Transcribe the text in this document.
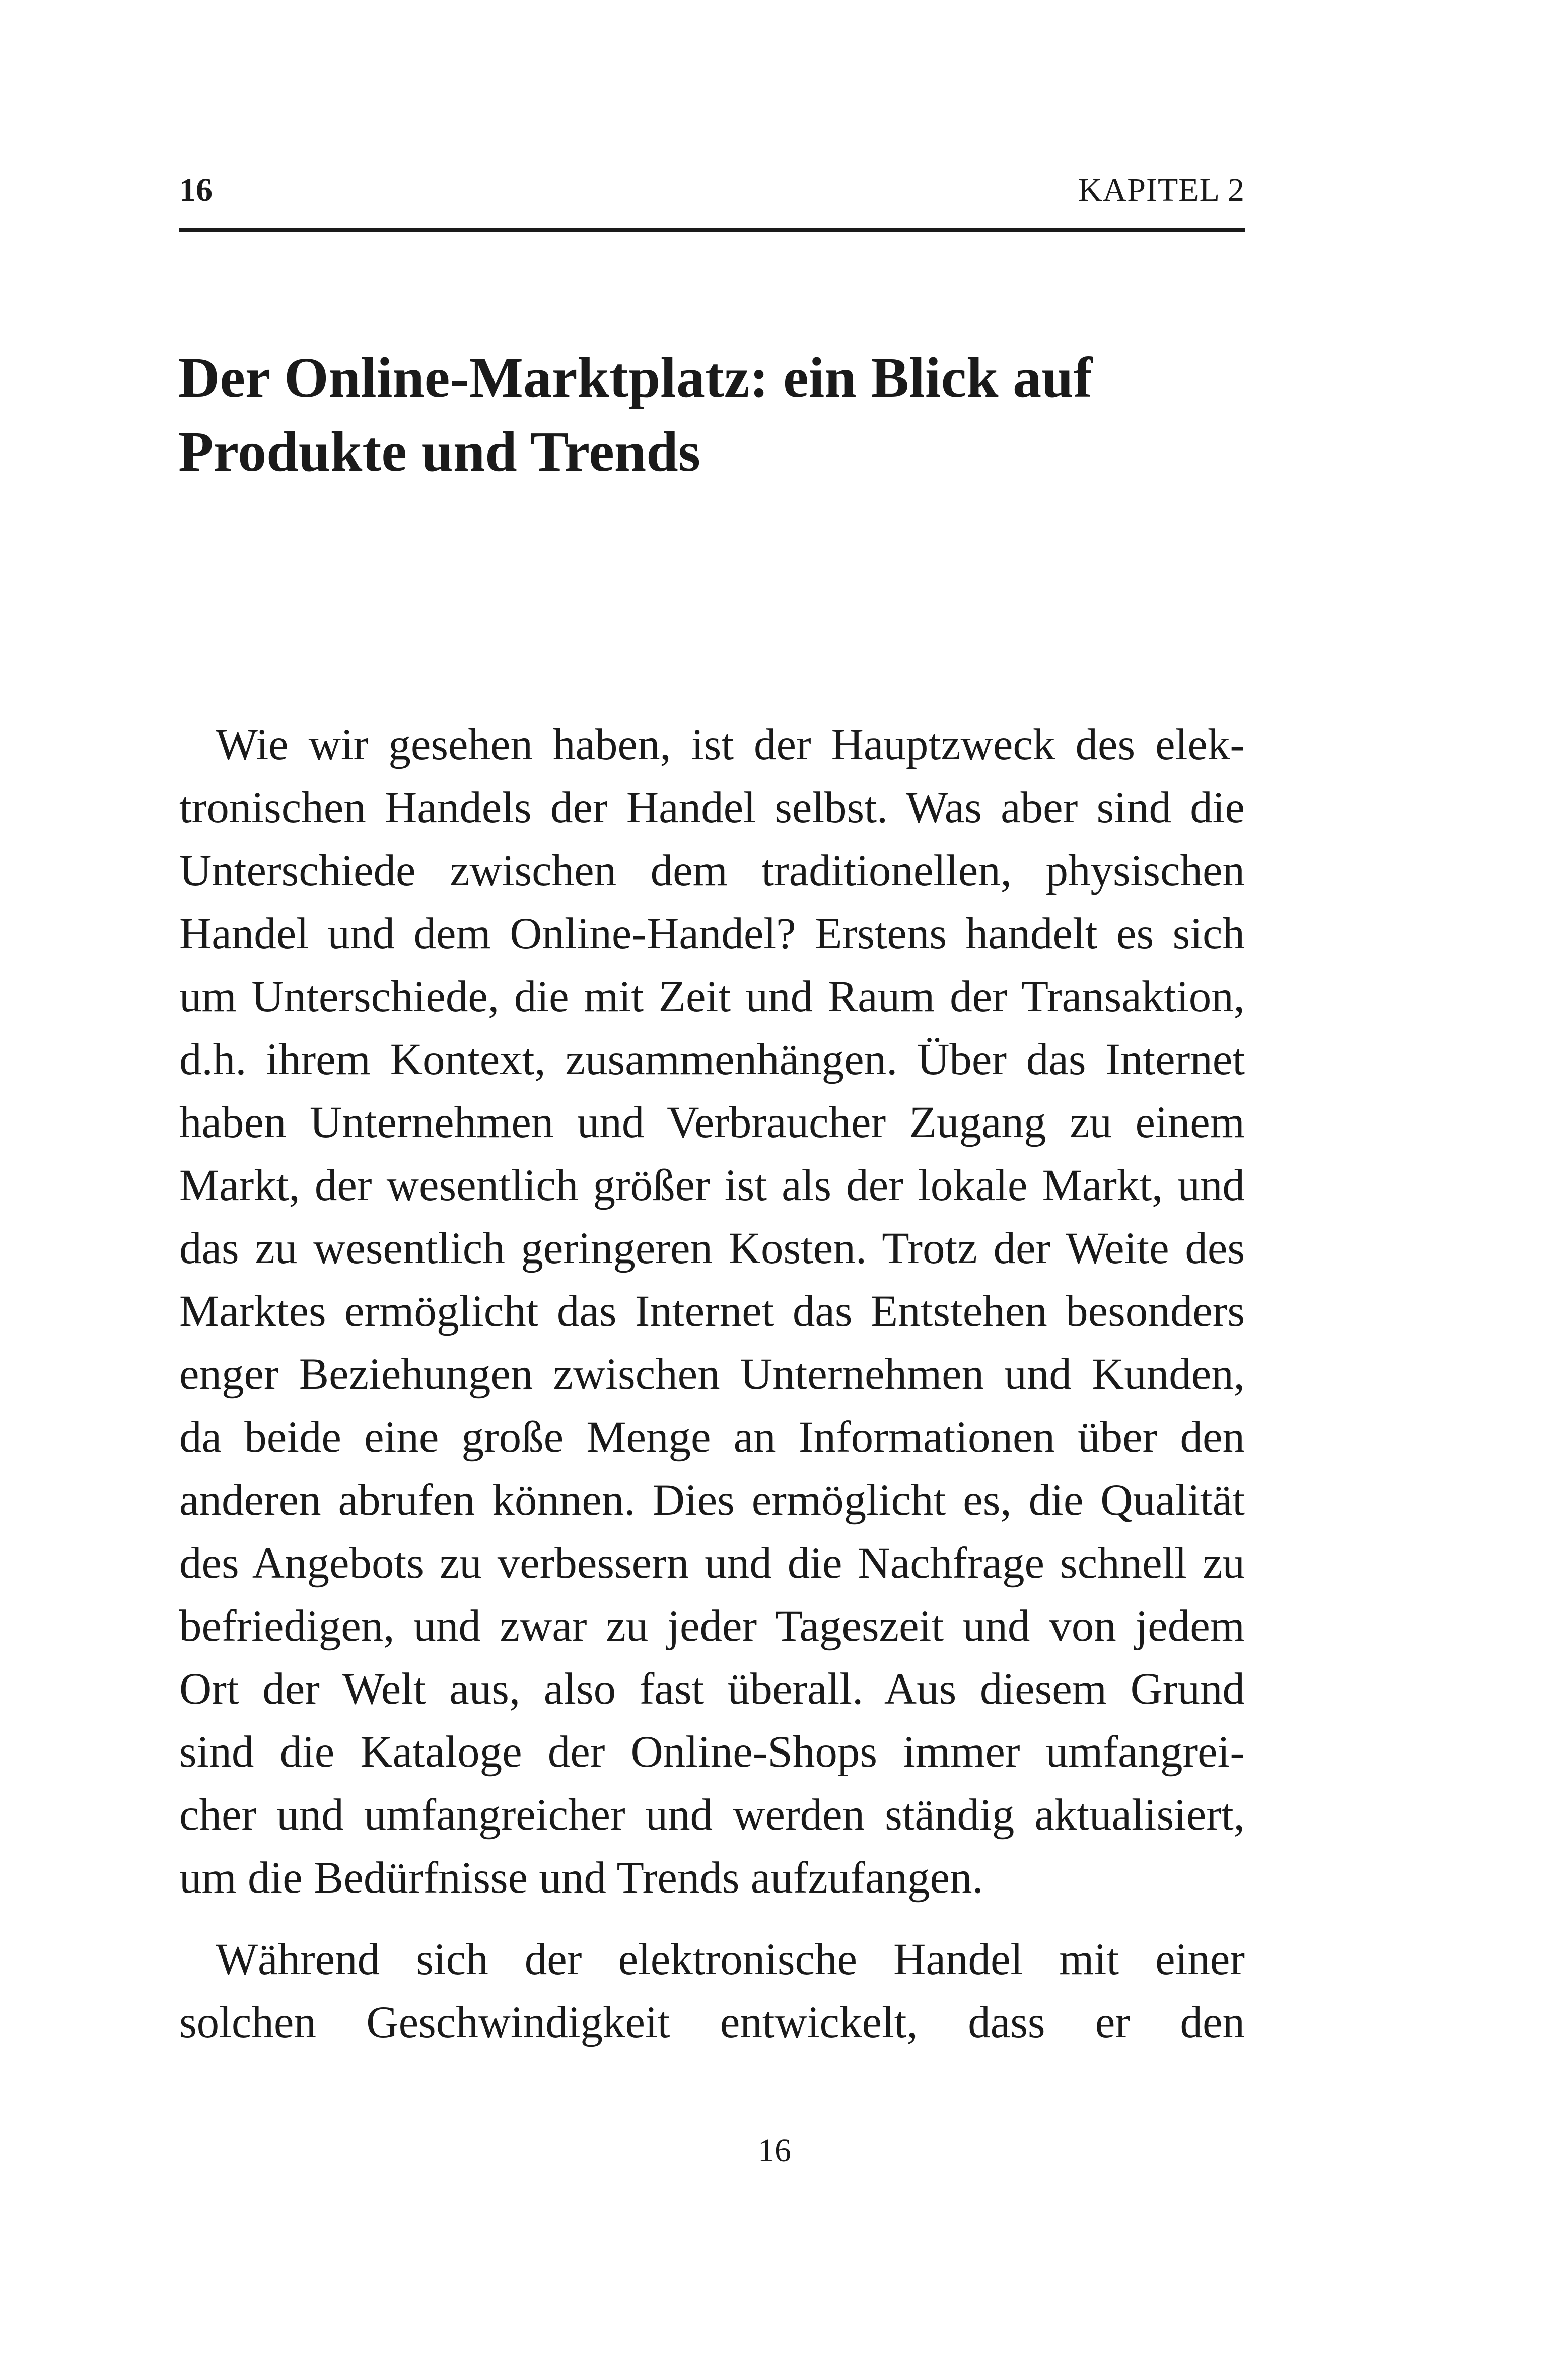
16	KAPITEL 2
Der Online-Marktplatz: ein Blick auf
Produkte und Trends
Wie wir gesehen haben, ist der Hauptzweck des elek-
tronischen Handels der Handel selbst. Was aber sind die
Unterschiede zwischen dem traditionellen, physischen
Handel und dem Online-Handel? Erstens handelt es sich
um Unterschiede, die mit Zeit und Raum der Transaktion,
d.h. ihrem Kontext, zusammenhängen. Über das Internet
haben Unternehmen und Verbraucher Zugang zu einem
Markt, der wesentlich größer ist als der lokale Markt, und
das zu wesentlich geringeren Kosten. Trotz der Weite des
Marktes ermöglicht das Internet das Entstehen besonders
enger Beziehungen zwischen Unternehmen und Kunden,
da beide eine große Menge an Informationen über den
anderen abrufen können. Dies ermöglicht es, die Qualität
des Angebots zu verbessern und die Nachfrage schnell zu
befriedigen, und zwar zu jeder Tageszeit und von jedem
Ort der Welt aus, also fast überall. Aus diesem Grund
sind die Kataloge der Online-Shops immer umfangrei-
cher und umfangreicher und werden ständig aktualisiert,
um die Bedürfnisse und Trends aufzufangen.
Während sich der elektronische Handel mit einer
solchen Geschwindigkeit entwickelt, dass er den
16
